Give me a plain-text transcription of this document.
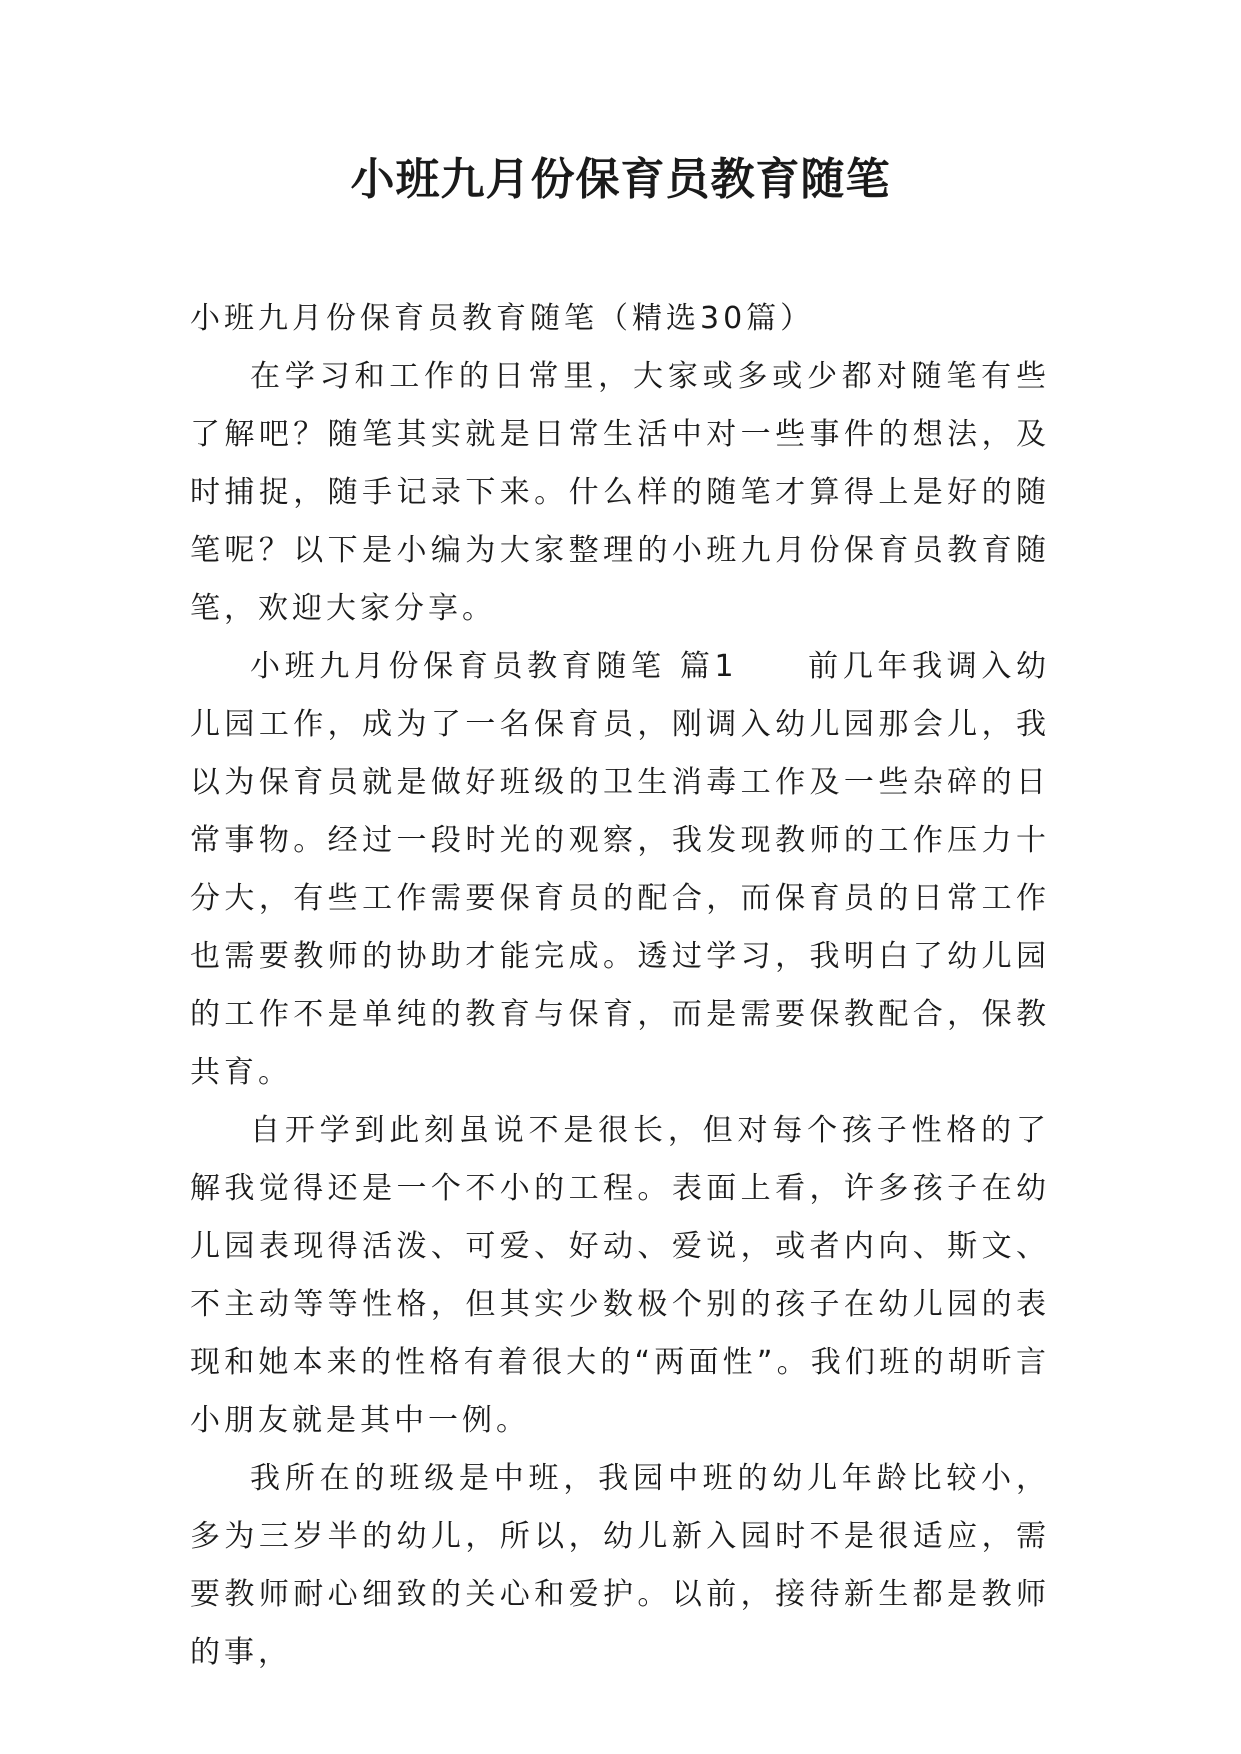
小班九月份保育员教育随笔

小班九月份保育员教育随笔（精选30篇）

在学习和工作的日常里，大家或多或少都对随笔有些了解吧？随笔其实就是日常生活中对一些事件的想法，及时捕捉，随手记录下来。什么样的随笔才算得上是好的随笔呢？以下是小编为大家整理的小班九月份保育员教育随笔，欢迎大家分享。

小班九月份保育员教育随笔 篇1 前几年我调入幼儿园工作，成为了一名保育员，刚调入幼儿园那会儿，我以为保育员就是做好班级的卫生消毒工作及一些杂碎的日常事物。经过一段时光的观察，我发现教师的工作压力十分大，有些工作需要保育员的配合，而保育员的日常工作也需要教师的协助才能完成。透过学习，我明白了幼儿园的工作不是单纯的教育与保育，而是需要保教配合，保教共育。

自开学到此刻虽说不是很长，但对每个孩子性格的了解我觉得还是一个不小的工程。表面上看，许多孩子在幼儿园表现得活泼、可爱、好动、爱说，或者内向、斯文、不主动等等性格，但其实少数极个别的孩子在幼儿园的表现和她本来的性格有着很大的“两面性”。我们班的胡昕言小朋友就是其中一例。

我所在的班级是中班，我园中班的幼儿年龄比较小，多为三岁半的幼儿，所以，幼儿新入园时不是很适应，需要教师耐心细致的关心和爱护。以前，接待新生都是教师的事，
